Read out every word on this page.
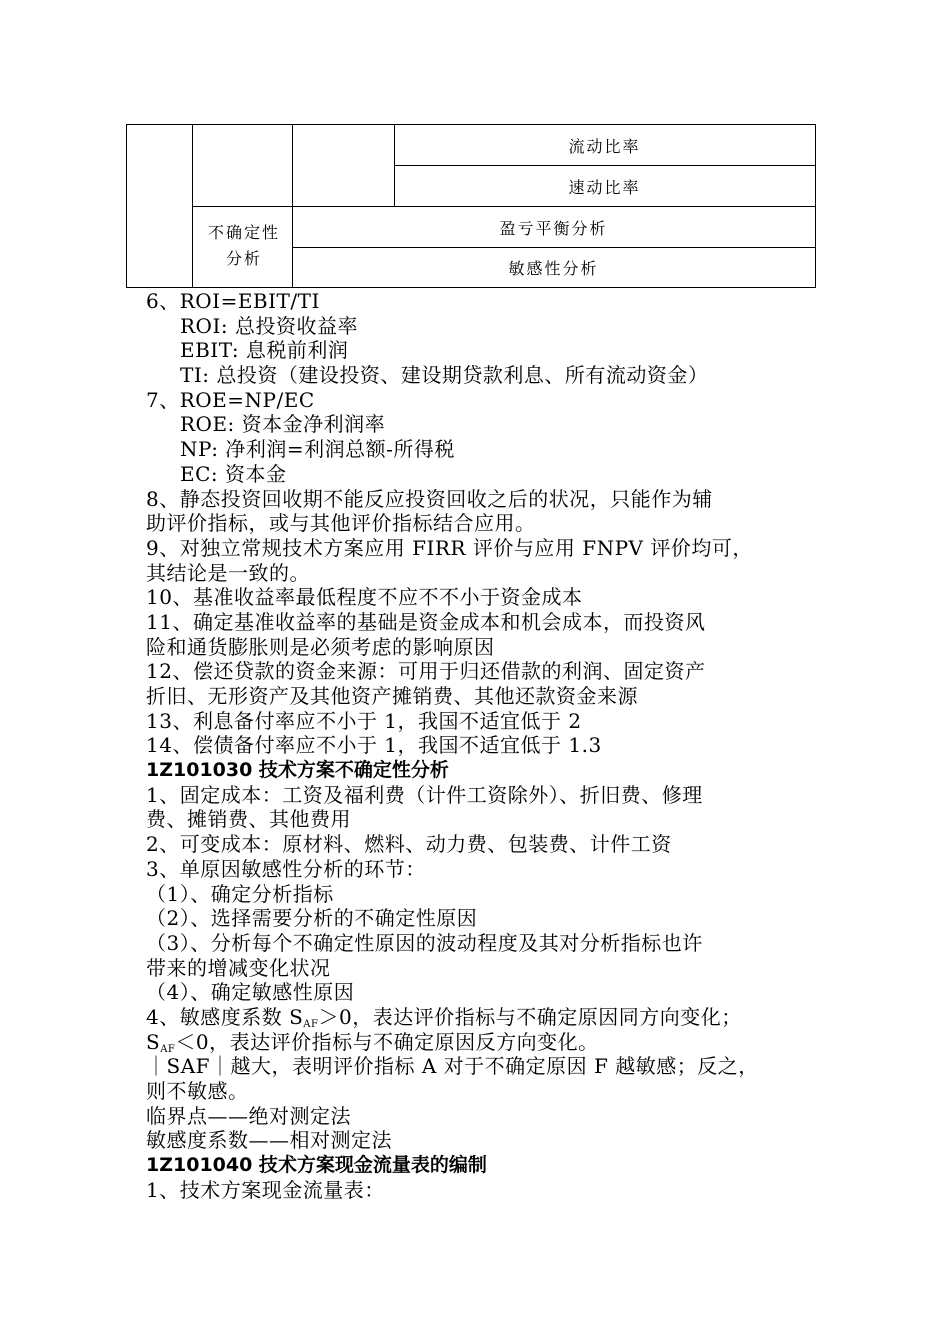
流动比率
速动比率
盈亏平衡分析
敏感性分析
不确定性分析
6、ROI=EBIT/TI
ROI: 总投资收益率
EBIT: 息税前利润
TI: 总投资（建设投资、建设期贷款利息、所有流动资金）
7、ROE=NP/EC
ROE: 资本金净利润率
NP: 净利润=利润总额-所得税
EC: 资本金
8、静态投资回收期不能反应投资回收之后的状况，只能作为辅
助评价指标，或与其他评价指标结合应用。
9、对独立常规技术方案应用 FIRR 评价与应用 FNPV 评价均可，
其结论是一致的。
10、基准收益率最低程度不应不不小于资金成本
11、确定基准收益率的基础是资金成本和机会成本，而投资风
险和通货膨胀则是必须考虑的影响原因
12、偿还贷款的资金来源：可用于归还借款的利润、固定资产
折旧、无形资产及其他资产摊销费、其他还款资金来源
13、利息备付率应不小于 1，我国不适宜低于 2
14、偿债备付率应不小于 1，我国不适宜低于 1.3
1Z101030 技术方案不确定性分析
1、固定成本：工资及福利费（计件工资除外）、折旧费、修理
费、摊销费、其他费用
2、可变成本：原材料、燃料、动力费、包装费、计件工资
3、单原因敏感性分析的环节：
（1）、确定分析指标
（2）、选择需要分析的不确定性原因
（3）、分析每个不确定性原因的波动程度及其对分析指标也许
带来的增减变化状况
（4）、确定敏感性原因
4、敏感度系数 $S_{AF}>0$，表达评价指标与不确定原因同方向变化；
$S_{AF}<0$，表达评价指标与不确定原因反方向变化。
｜SAF｜越大，表明评价指标 A 对于不确定原因 F 越敏感；反之，
则不敏感。
临界点——绝对测定法
敏感度系数——相对测定法
1Z101040 技术方案现金流量表的编制
1、技术方案现金流量表：
